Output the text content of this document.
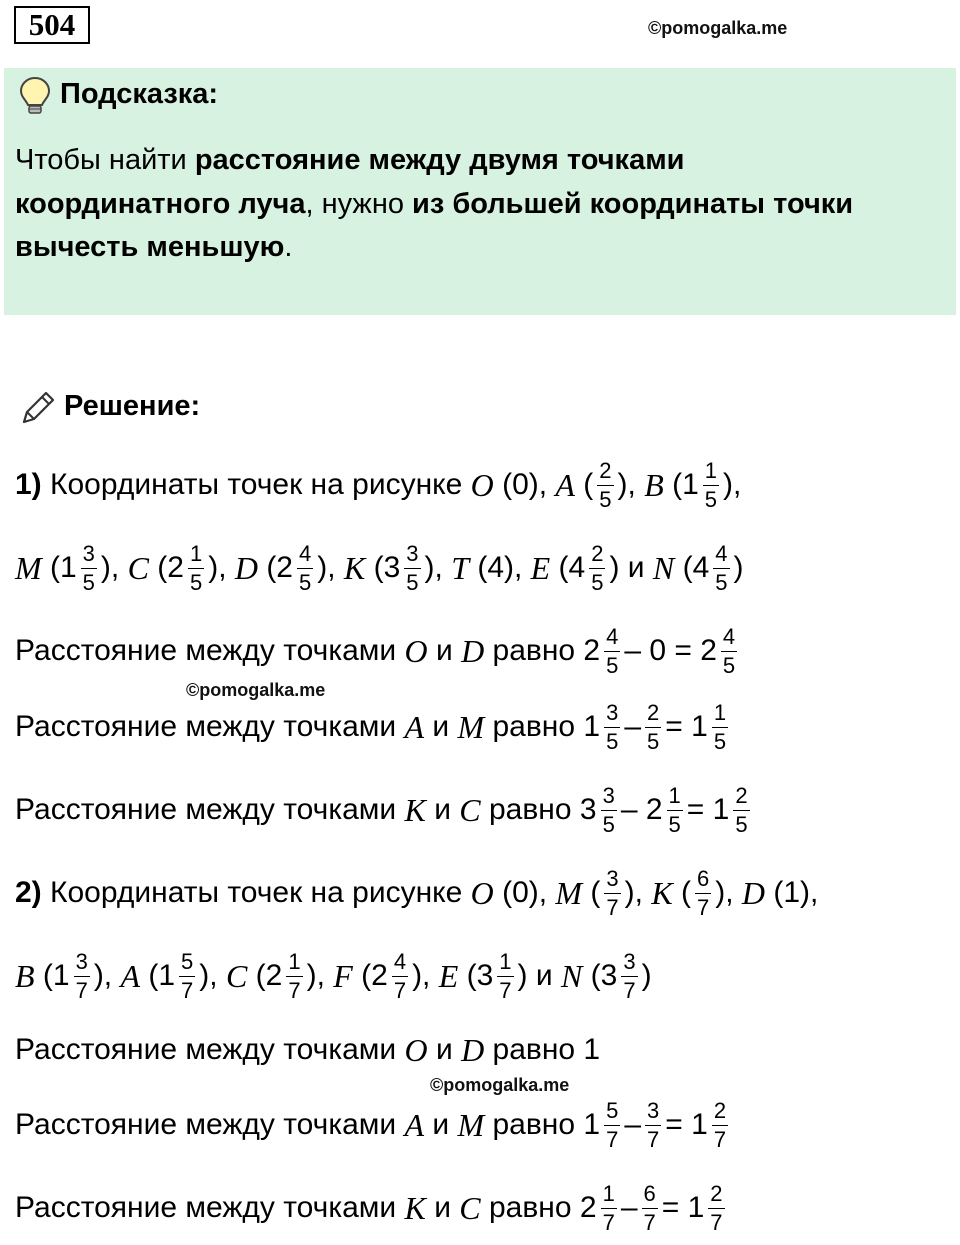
504	©pomogalka.me
Подсказка:
Чтобы найти расстояние между двумя точками
координатного луча, нужно из большей координаты точки
вычесть меньшую.
Решение:
1) Координаты точек на рисунке O (0), A ( $\frac{2}{5}$ ), B ($1 \frac{1}{5}$ ),
M ($1 \frac{3}{5}$ ), C ($2 \frac{1}{5}$ ), D ($2 \frac{4}{5}$ ), K ($3 \frac{3}{5}$ ), T (4), E ($4 \frac{2}{5}$ ) и N ($4 \frac{4}{5}$ )
Расстояние между точками O и D равно $2 \frac{4}{5} - 0 = 2 \frac{4}{5}$
©pomogalka.me
Расстояние между точками A и M равно $1 \frac{3}{5} - \frac{2}{5} = 1 \frac{1}{5}$
Расстояние между точками K и C равно $3 \frac{3}{5} - 2 \frac{1}{5} = 1 \frac{2}{5}$
2) Координаты точек на рисунке O (0), M ( $\frac{3}{7}$ ), K ( $\frac{6}{7}$ ), D (1),
B ($1 \frac{3}{7}$ ), A ($1 \frac{5}{7}$ ), C ($2 \frac{1}{7}$ ), F ($2 \frac{4}{7}$ ), E ($3 \frac{1}{7}$ ) и N ($3 \frac{3}{7}$ )
Расстояние между точками O и D равно 1
©pomogalka.me
Расстояние между точками A и M равно $1 \frac{5}{7} - \frac{3}{7} = 1 \frac{2}{7}$
Расстояние между точками K и C равно $2 \frac{1}{7} - \frac{6}{7} = 1 \frac{2}{7}$
